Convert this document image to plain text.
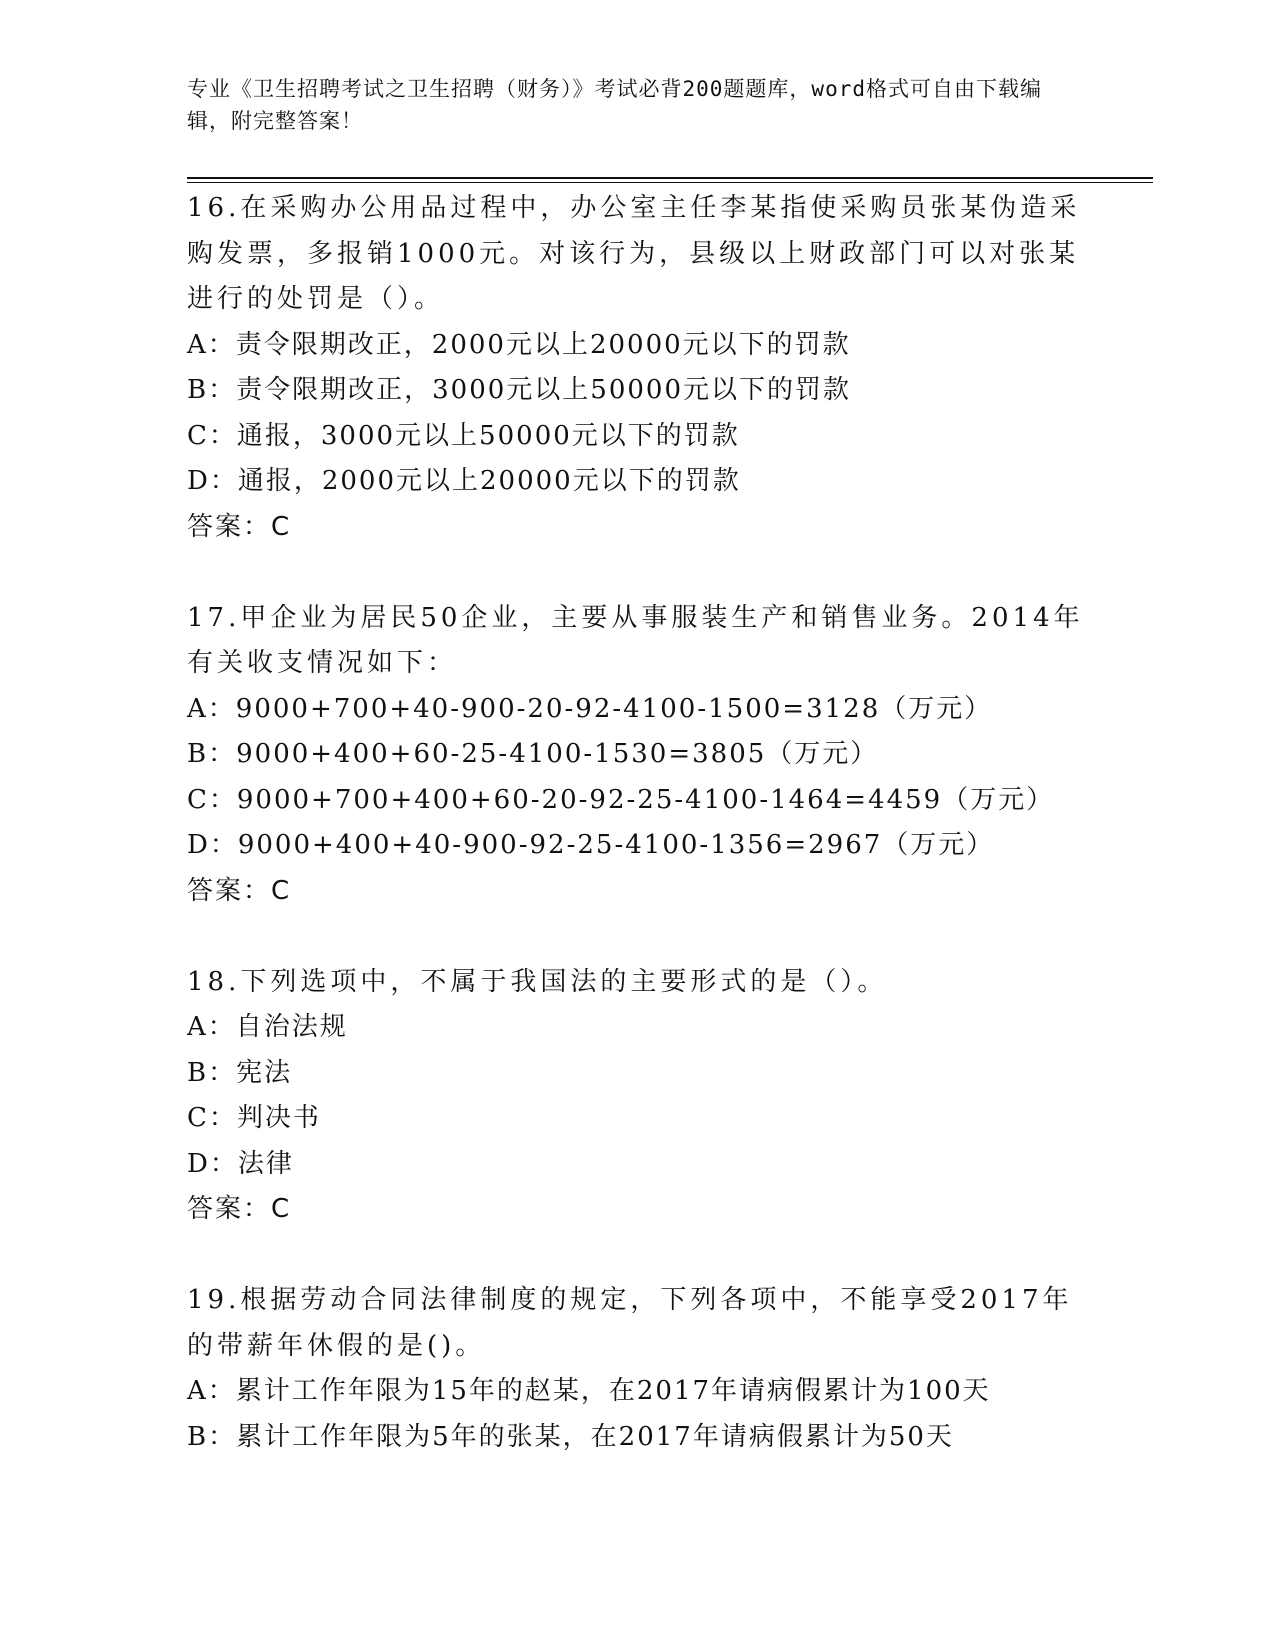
专业《卫生招聘考试之卫生招聘（财务）》考试必背200题题库，word格式可自由下载编辑，附完整答案！

16.在采购办公用品过程中，办公室主任李某指使采购员张某伪造采购发票，多报销1000元。对该行为，县级以上财政部门可以对张某进行的处罚是（）。

A：责令限期改正，2000元以上20000元以下的罚款

B：责令限期改正，3000元以上50000元以下的罚款

C：通报，3000元以上50000元以下的罚款

D：通报，2000元以上20000元以下的罚款

答案：C

17.甲企业为居民50企业，主要从事服装生产和销售业务。2014年有关收支情况如下：

A：9000+700+40-900-20-92-4100-1500=3128（万元）

B：9000+400+60-25-4100-1530=3805（万元）

C：9000+700+400+60-20-92-25-4100-1464=4459（万元）

D：9000+400+40-900-92-25-4100-1356=2967（万元）

答案：C

18.下列选项中，不属于我国法的主要形式的是（）。

A：自治法规

B：宪法

C：判决书

D：法律

答案：C

19.根据劳动合同法律制度的规定，下列各项中，不能享受2017年的带薪年休假的是()。

A：累计工作年限为15年的赵某，在2017年请病假累计为100天

B：累计工作年限为5年的张某，在2017年请病假累计为50天
